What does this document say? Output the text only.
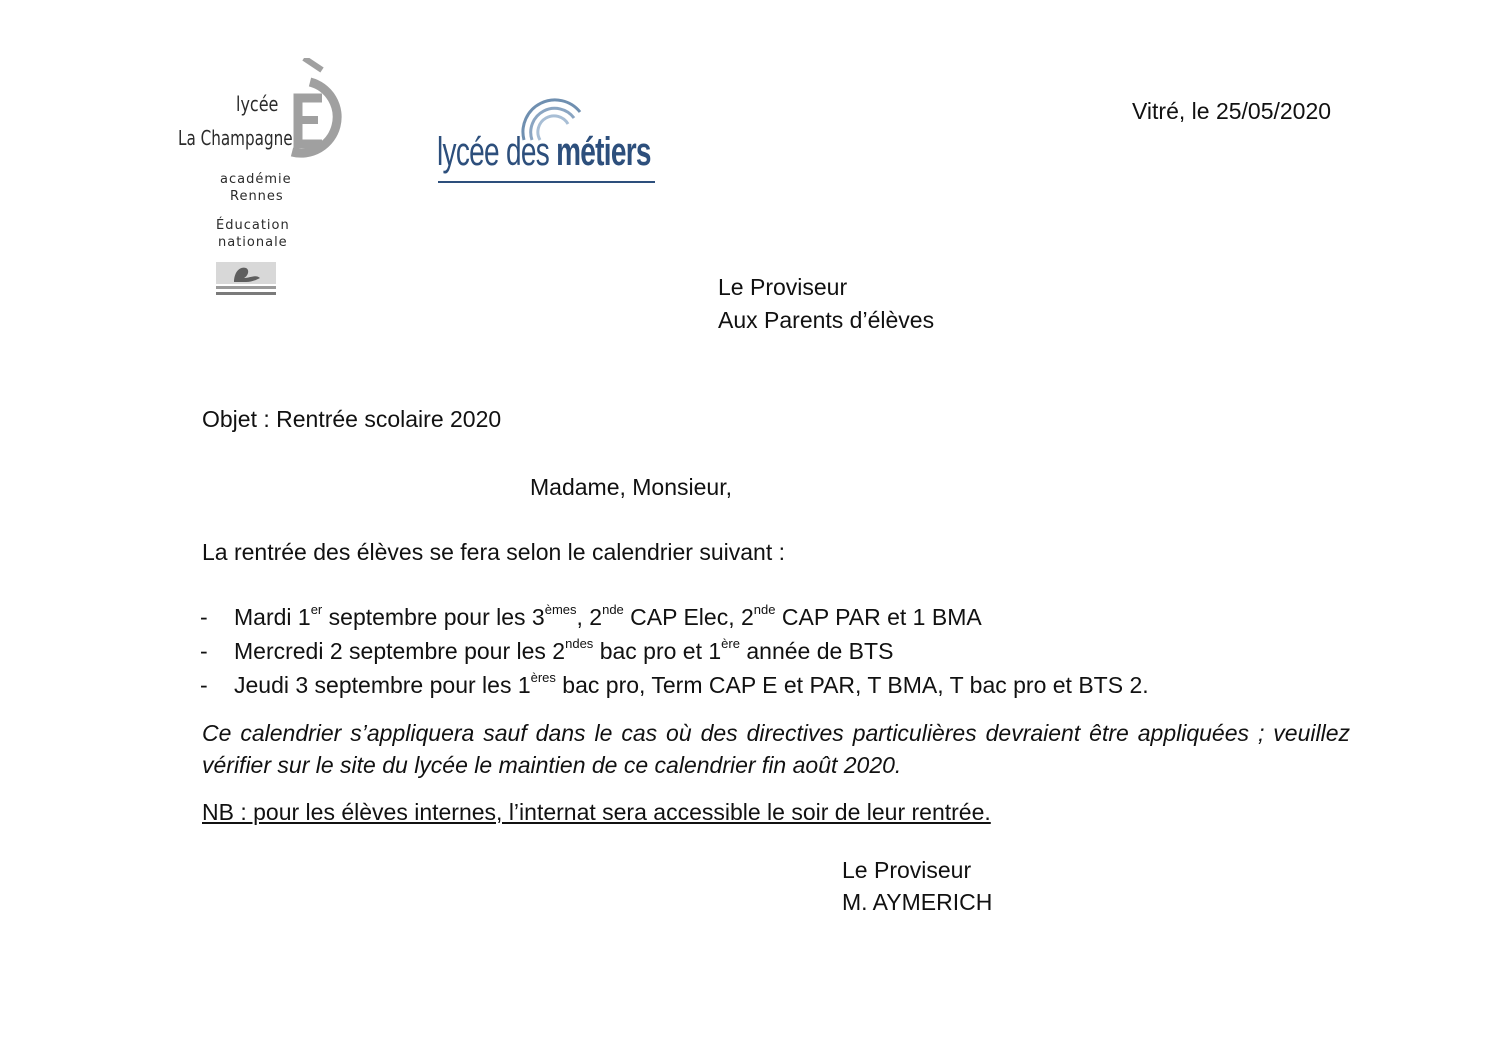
lycée
La Champagne
académie
Rennes
Éducation
nationale
lycée des métiers
Vitré, le 25/05/2020
Le Proviseur
Aux Parents d’élèves
Objet : Rentrée scolaire 2020
Madame, Monsieur,
La rentrée des élèves se fera selon le calendrier suivant :
- Mardi 1er septembre pour les 3èmes, 2nde CAP Elec, 2nde CAP PAR et 1 BMA
- Mercredi 2 septembre pour les $2^{ndes}$ bac pro et 1ère année de BTS
- Jeudi 3 septembre pour les 1ères bac pro, Term CAP E et PAR, T BMA, T bac pro et BTS 2.
Ce calendrier s’appliquera sauf dans le cas où des directives particulières devraient être appliquées ; veuillez vérifier sur le site du lycée le maintien de ce calendrier fin août 2020.
NB : pour les élèves internes, l’internat sera accessible le soir de leur rentrée.
Le Proviseur
M. AYMERICH
